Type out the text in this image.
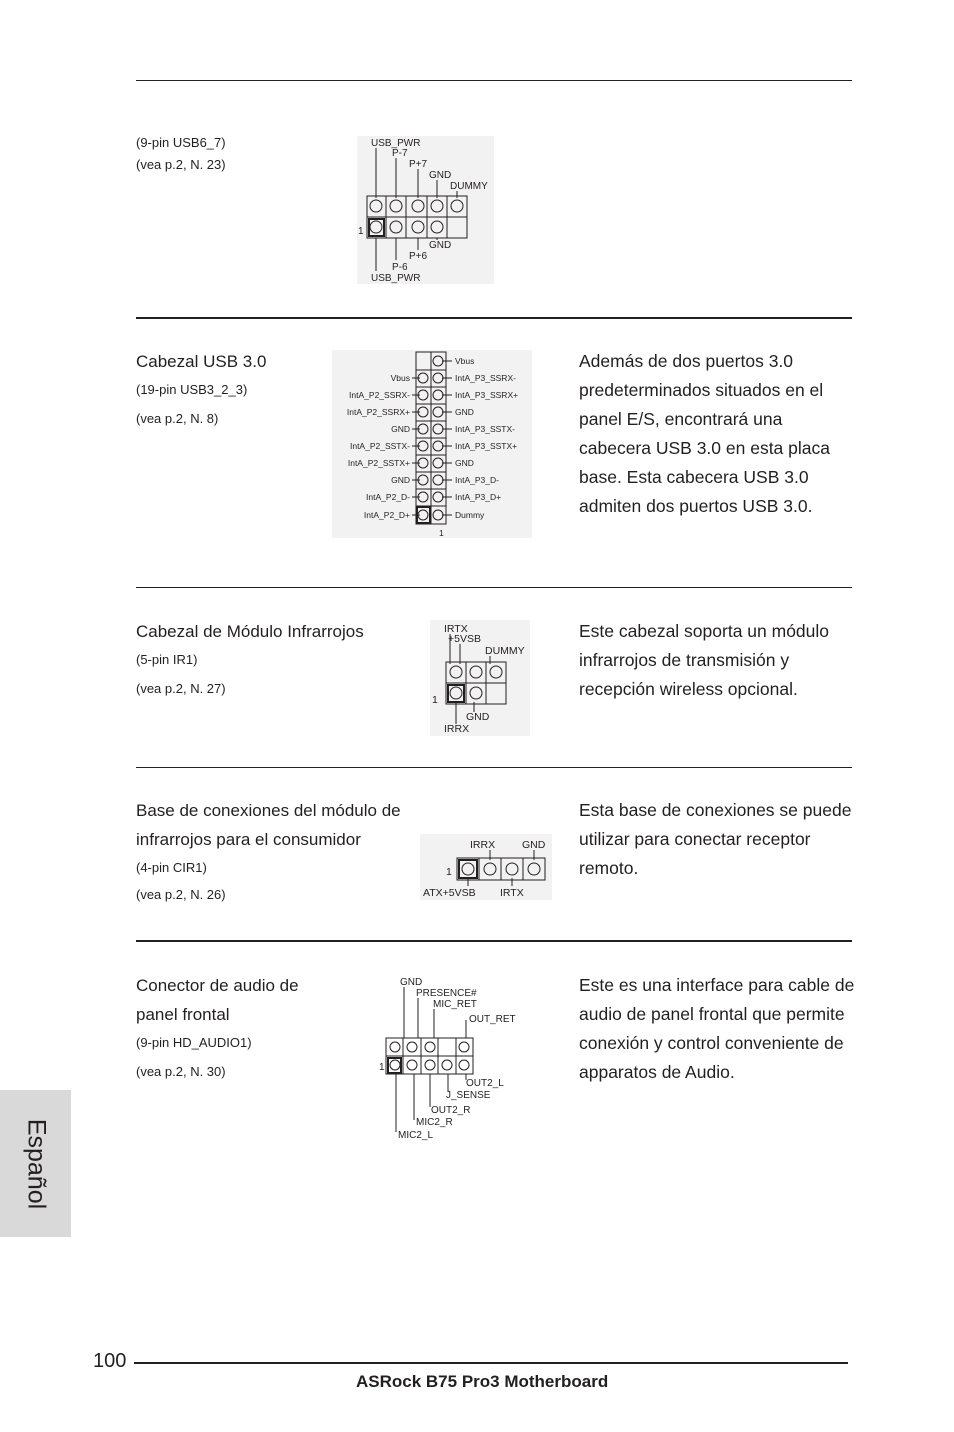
(9-pin USB6_7)
(vea p.2, N. 23)
USB_PWR
P-7
P+7
GND
DUMMY
GND
P+6
P-6
USB_PWR
1
Cabezal USB 3.0
(19-pin USB3_2_3)
(vea p.2, N. 8)
Vbus
IntA_P2_SSRX-
IntA_P2_SSRX+
GND
IntA_P2_SSTX-
IntA_P2_SSTX+
GND
IntA_P2_D-
IntA_P2_D+
Vbus
IntA_P3_SSRX-
IntA_P3_SSRX+
GND
IntA_P3_SSTX-
IntA_P3_SSTX+
GND
IntA_P3_D-
IntA_P3_D+
Dummy
1
Además de dos puertos 3.0 predeterminados situados en el panel E/S, encontrará una cabecera USB 3.0 en esta placa base. Esta cabecera USB 3.0 admiten dos puertos USB 3.0.
Cabezal de Módulo Infrarrojos
(5-pin IR1)
(vea p.2, N. 27)
IRTX
+5VSB
DUMMY
GND
IRRX
1
Este cabezal soporta un módulo infrarrojos de transmisión y recepción wireless opcional.
Base de conexiones del módulo de infrarrojos para el consumidor
(4-pin CIR1)
(vea p.2, N. 26)
IRRX	GND
ATX+5VSB IRTX
1
Esta base de conexiones se puede utilizar para conectar receptor remoto.
Conector de audio de panel frontal
(9-pin HD_AUDIO1)
(vea p.2, N. 30)
GND
PRESENCE#
MIC_RET
OUT_RET
OUT2_L
J_SENSE
OUT2_R
MIC2_R
MIC2_L
1
Este es una interface para cable de audio de panel frontal que permite conexión y control conveniente de apparatos de Audio.
Español
100
ASRock B75 Pro3 Motherboard
